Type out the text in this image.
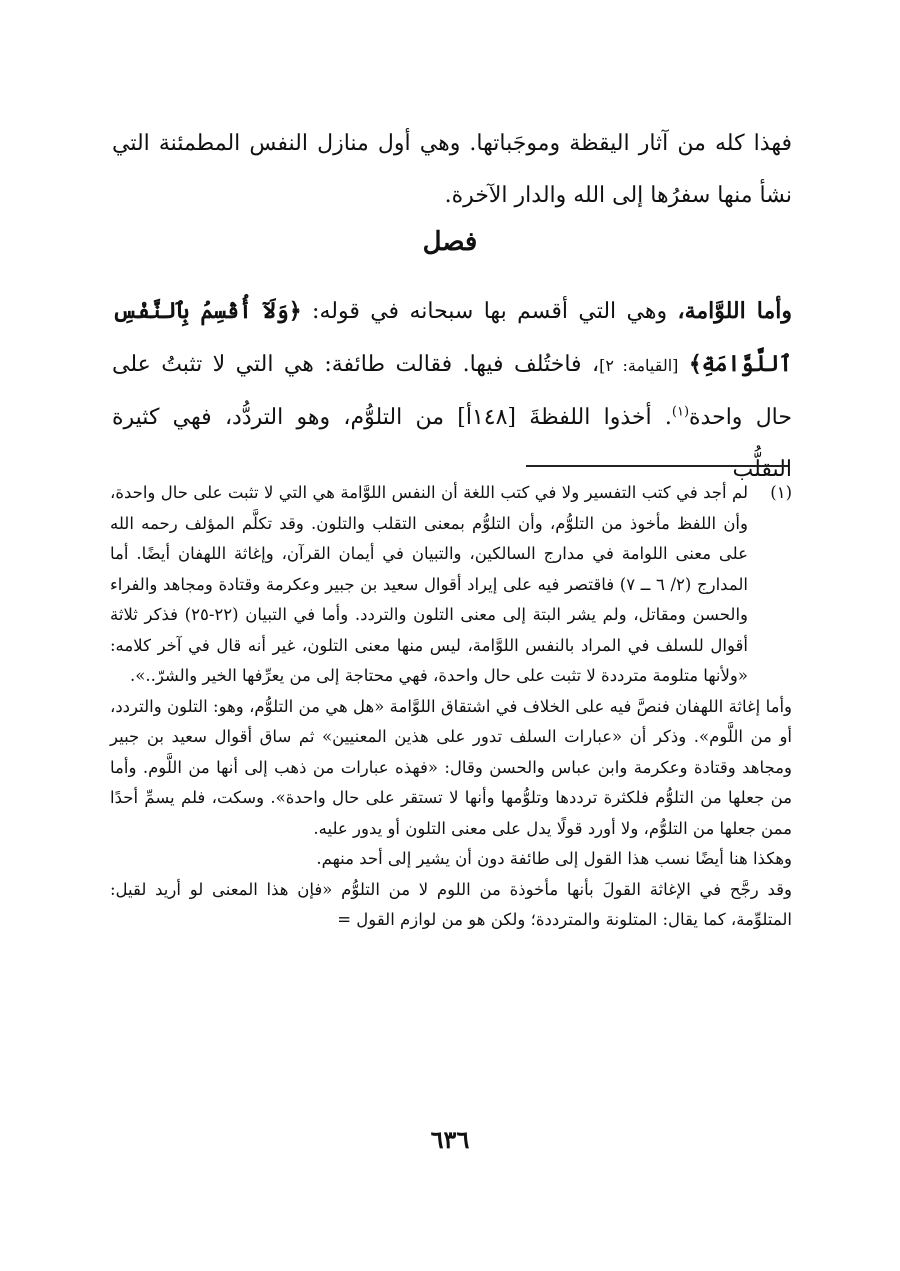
فهذا كله من آثار اليقظة وموجَباتها. وهي أول منازل النفس المطمئنة التي نشأ منها سفرُها إلى الله والدار الآخرة.
فصل
وأما اللوَّامة، وهي التي أقسم بها سبحانه في قوله: ﴿وَلَآ أُقْسِمُ بِٱلنَّفْسِ ٱللَّوَّامَةِ﴾ [القيامة: ٢]، فاختُلف فيها. فقالت طائفة: هي التي لا تثبتُ على حال واحدة$^{(١)}$. أخذوا اللفظةَ [١٤٨أ] من التلوُّم، وهو التردُّد، فهي كثيرة التقلُّب
(١)

لم أجد في كتب التفسير ولا في كتب اللغة أن النفس اللوَّامة هي التي لا تثبت على حال واحدة، وأن اللفظ مأخوذ من التلوُّم، وأن التلوُّم بمعنى التقلب والتلون. وقد تكلَّم المؤلف رحمه الله على معنى اللوامة في مدارج السالكين، والتبيان في أيمان القرآن، وإغاثة اللهفان أيضًا. أما المدارج (٢/ ٦ ــ ٧) فاقتصر فيه على إيراد أقوال سعيد بن جبير وعكرمة وقتادة ومجاهد والفراء والحسن ومقاتل، ولم يشر البتة إلى معنى التلون والتردد. وأما في التبيان (٢٢-٢٥) فذكر ثلاثة أقوال للسلف في المراد بالنفس اللوَّامة، ليس منها معنى التلون، غير أنه قال في آخر كلامه: «ولأنها متلومة مترددة لا تثبت على حال واحدة، فهي محتاجة إلى من يعرِّفها الخير والشرّ..».

وأما إغاثة اللهفان فنصَّ فيه على الخلاف في اشتقاق اللوَّامة «هل هي من التلوُّم، وهو: التلون والتردد، أو من اللَّوم». وذكر أن «عبارات السلف تدور على هذين المعنيين» ثم ساق أقوال سعيد بن جبير ومجاهد وقتادة وعكرمة وابن عباس والحسن وقال: «فهذه عبارات من ذهب إلى أنها من اللَّوم. وأما من جعلها من التلوُّم فلكثرة ترددها وتلوُّمها وأنها لا تستقر على حال واحدة». وسكت، فلم يسمِّ أحدًا ممن جعلها من التلوُّم، ولا أورد قولًا يدل على معنى التلون أو يدور عليه.

وهكذا هنا أيضًا نسب هذا القول إلى طائفة دون أن يشير إلى أحد منهم.

وقد رجَّح في الإغاثة القولَ بأنها مأخوذة من اللوم لا من التلوُّم «فإن هذا المعنى لو أريد لقيل: المتلوِّمة، كما يقال: المتلونة والمترددة؛ ولكن هو من لوازم القول =

٦٣٦
